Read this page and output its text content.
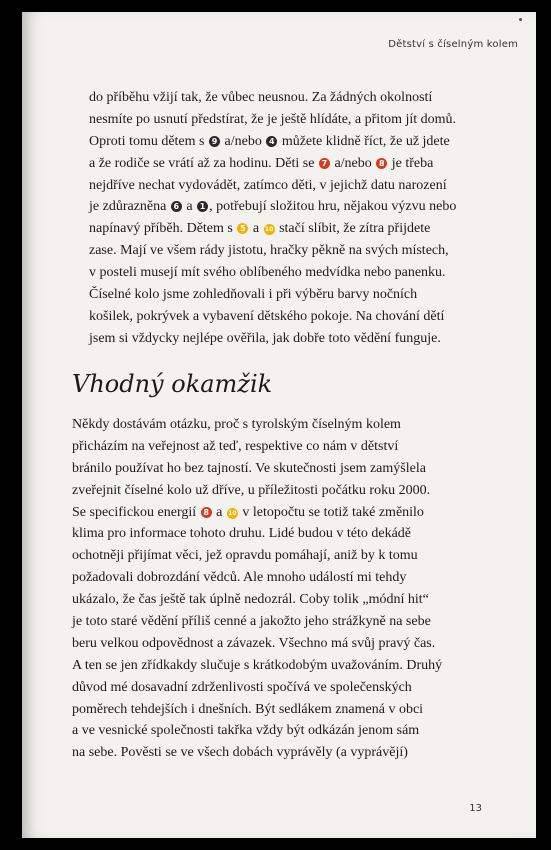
Dětství s číselným kolem
do příběhu vžijí tak, že vůbec neusnou. Za žádných okolností
nesmíte po usnutí předstírat, že je ještě hlídáte, a přitom jít domů.
Oproti tomu dětem s 9 a/nebo 4 můžete klidně říct, že už jdete
a že rodiče se vrátí až za hodinu. Děti se 7 a/nebo 8 je třeba
nejdříve nechat vydovádět, zatímco děti, v jejichž datu narození
je zdůrazněna 6 a 1 , potřebují složitou hru, nějakou výzvu nebo
napínavý příběh. Dětem s 5 a 10 stačí slíbit, že zítra přijdete
zase. Mají ve všem rády jistotu, hračky pěkně na svých místech,
v posteli musejí mít svého oblíbeného medvídka nebo panenku.
Číselné kolo jsme zohledňovali i při výběru barvy nočních
košilek, pokrývek a vybavení dětského pokoje. Na chování dětí
jsem si vždycky nejlépe ověřila, jak dobře toto vědění funguje.
Vhodný okamžik
Někdy dostávám otázku, proč s tyrolským číselným kolem
přicházím na veřejnost až teď, respektive co nám v dětství
bránilo používat ho bez tajností. Ve skutečnosti jsem zamýšlela
zveřejnit číselné kolo už dříve, u příležitosti počátku roku 2000.
Se specifickou energií 8 a 10 v letopočtu se totiž také změnilo
klima pro informace tohoto druhu. Lidé budou v této dekádě
ochotněji přijímat věci, jež opravdu pomáhají, aniž by k tomu
požadovali dobrozdání vědců. Ale mnoho událostí mi tehdy
ukázalo, že čas ještě tak úplně nedozrál. Coby tolik „módní hit“
je toto staré vědění příliš cenné a jakožto jeho strážkyně na sebe
beru velkou odpovědnost a závazek. Všechno má svůj pravý čas.
A ten se jen zřídkakdy slučuje s krátkodobým uvažováním. Druhý
důvod mé dosavadní zdrženlivosti spočívá ve společenských
poměrech tehdejších i dnešních. Být sedlákem znamená v obci
a ve vesnické společnosti takřka vždy být odkázán jenom sám
na sebe. Pověsti se ve všech dobách vyprávěly (a vyprávějí)
13
